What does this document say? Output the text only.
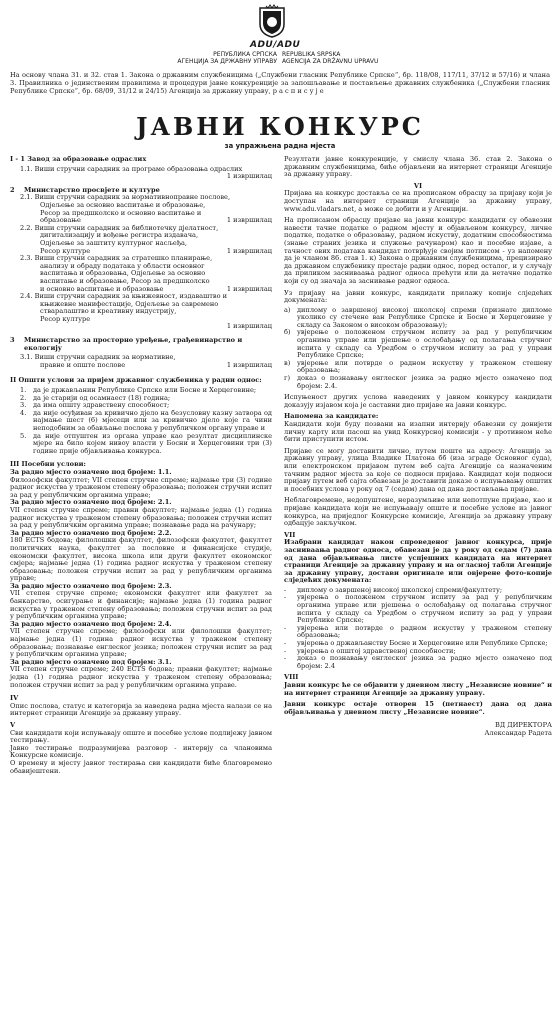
ADU/ADU
РЕПУБЛИКА СРПСКА
АГЕНЦИЈА ЗА ДРЖАВНУ УПРАВУ
REPUBLIKA SRPSKA
AGENCIJA ZA DRŽAVNU UPRAVU

На основу члана 31. и 32. став 1. Закона о државним службеницима („Службени гласник Републике Српске“, бр. 118/08, 117/11, 37/12 и 57/16) и члана 3. Правилника о јединственим правилима и процедури јавне конкуренције за запошљавање и постављење државних службеника („Службени гласник Републике Српске“, бр. 68/09, 31/12 и 24/15) Агенција за државну управу, р а с п и с у ј е

ЈАВНИ КОНКУРС
за упражњена радна мјеста

I - 1 Завод за образовање одраслих

1.1. Виши стручни сарадник за програме образовања одраслих

1 извршилац

2	Министарство просвјете и културе

2.1. Виши стручни сарадник за нормативноправне послове,

Одјељење за основно васпитање и образовање,

Ресор за предшколско и основно васпитање и

образовање	1 извршилац

2.2. Виши стручни сарадник за библиотечку дјелатност,

дигитализацију и вођење регистра издавача,

Одјељење за заштиту културног насљеђа,

Ресор културе	1 извршилац

2.3. Виши стручни сарадник за стратешко планирање,

анализу и обраду података у области основног

васпитања и образовања, Одјељење за основно

васпитање и образовање, Ресор за предшколско

и основно васпитање и образовање	1 извршилац

2.4. Виши стручни сарадник за књижевност, издаваштво и

књижевне манифестације, Одјељење за савремено

стваралаштво и креативну индустрију,

Ресор културе

1 извршилац

3	Министарство за просторно уређење, грађевинарство и екологију

3.1. Виши стручни сарадник за нормативне,

правне и опште послове	1 извршилац

II Општи услови за пријем државног службеника у радни однос:

1.	да је држављанин Републике Српске или Босне и Херцеговине;
2.	да је старији од осамнаест (18) година;
3.	да има општу здравствену способност;
4.	да није осуђиван за кривично дјело на безусловну казну затвора од најмање шест (6) мјесеци или за кривично дјело које га чини неподобним за обављање послова у републичком органу управе и
5.	да није отпуштен из органа управе као резултат дисциплинске мјере на било којем нивоу власти у Босни и Херцеговини три (3) године прије објављивања конкурса.

III Посебни услови:

За радно мјесто означено под бројем: 1.1.

Филозофски факултет; VII степен стручне спреме; најмање три (3) године радног искуства у траженом степену образовања; положен стручни испит за рад у републичким органима управе;

За радно мјесто означено под бројем: 2.1.

VII степен стручне спреме; правни факултет; најмање једна (1) година радног искуства у траженом степену образовања; положен стручни испит за рад у републичким органима управе; познавање рада на рачунару;

За радно мјесто означено под бројем: 2.2.

180 ECTS бодова; филолошки факултет, филозофски факултет, факултет политичких наука, факултет за пословне и финансијске студије, економски факултет, висока школа или други факултет економског смјера; најмање једна (1) година радног искуства у траженом степену образовања; положен стручни испит за рад у републичким органима управе;

За радно мјесто означено под бројем: 2.3.

VII степен стручне спреме; економски факултет или факултет за банкарство, осигурање и финансије; најмање једна (1) година радног искуства у траженом степену образовања; положен стручни испит за рад у републичким органима управе;

За радно мјесто означено под бројем: 2.4.

VII степен стручне спреме; филозофски или филолошки факултет; најмање једна (1) година радног искуства у траженом степену образовања; познавање енглеског језика; положен стручни испит за рад у републичким органима управе;

За радно мјесто означено под бројем: 3.1.

VII степен стручне спреме; 240 ECTS бодова; правни факултет; најмање једна (1) година радног искуства у траженом степену образовања; положен стручни испит за рад у републичким органима управе.

IV

Опис послова, статус и категорија за наведена радна мјеста налази се на интернет страници Агенције за државну управу.

V

Сви кандидати који испуњавају опште и посебне услове подлијежу јавном тестирању.

Јавно тестирање подразумијева разговор - интервју са члановима Конкурсне комисије.

О времену и мјесту јавног тестирања сви кандидати биће благовремено обавијештени.

Резултати јавне конкуренције, у смислу члана 36. став 2. Закона о државним службеницима, биће објављени на интернет страници Агенције за државну управу.

VI

Пријава на конкурс доставља се на прописаном обрасцу за пријаву који је доступан на интернет страници Агенције за државну управу, www.adu.vladars.net, а може се добити и у Агенцији.

На прописаном обрасцу пријаве на јавни конкурс кандидати су обавезни навести тачне податке о радном мјесту и објављеном конкурсу, личне податке, податке о образовању, радном искуству, додатним способностима (знање страних језика и служење рачунаром) као и посебне изјаве, а тачност ових података кандидат потврђује својим потписом - уз напомену да је чланом 86. став 1. к) Закона о државним службеницима, прецизирано да државном службенику престаје радни однос, поред осталог, и у случају да приликом засниваања радног односа прећути или да нетачне податке који су од значаја за заснивање радног односа.

Уз пријаву на јавни конкурс, кандидати прилажу копије слједећих докумената:

а) диплому о завршеној високој школској спреми (признате дипломе уколико су стечене ван Републике Српске и Босне и Херцеговине у складу са Законом о високом образовању);
б) увјерење о положеном стручном испиту за рад у републичким органима управе или рјешење о ослобађању од полагања стручног испита у складу са Уредбом о стручном испиту за рад у управи Републике Српске;
в)	увјерење или потврде о радном искуству у траженом стешену образовања;
г)	доказ о познавању енглеског језика за радно мјесто означено под бројем: 2.4.

Испуњеност других услова наведених у јавном конкурсу кандидати доказују изјавом која је саставни дио пријаве на јавни конкурс.

Напомена за кандидате:

Кандидати који буду позвани на изапни интервју обавезни су донијети личну карту или пасош на увид Конкурсној комисији - у противном неће бити приступити истом.

Пријаве се могу доставити лично, путем поште на адресу: Агенција за државну управу, улица Владике Платона бб (иза зграде Основног суда), или електронском пријавом путем веб сајта Агенције са назначеним тачним радног мјеста за које се подноси пријава. Кандидат који подноси пријаву путем веб сајта обавезан је доставити доказе о испуњавању општих и посебних услова у року од 7 (седам) дана од дана достављања пријаве.

Неблаговремене, недопуштене, неразумљиве или непотпуне пријаве, као и пријаве кандидата који не испуњавају опште и посебне услове из јавног конкурса, на приједлог Конкурсне комисије, Агенција за државну управу одбацује закључком.

VII

Изабрани кандидат након спроведеног јавног конкурса, прије засниваања радног односа, обавезан је да у року од седам (7) дана од дана објављивања листе успјешних кандидата на интернет страници Агенције за државну управу и на огласној табли Агенције за државну управу, достави оригинале или овјерене фото-копије слједећих докумената:

-	диплому о завршеној високој школској спреми/факултету;
-	увјерења о положеном стручном испиту за рад у републичким органима управе или рјешења о ослобађању од полагања стручног испита у складу са Уредбом о стручном испиту за рад у управи Републике Српске;
-	увјерења или потврде о радном искуству у траженом степену образовања;
-	увјерења о држављанству Босне и Херцеговине или Републике Српске;
-	увјерења о општој здравственој способности;
-	доказ о познавању енглеског језика за радно мјесто означено под бројем: 2.4

VIII

Јавни конкурс ће се објавити у дневном листу „Независне новине“ и на интернет страници Агенције за државну управу.

Јавни конкурс остаје отворен 15 (петнаест) дана од дана објављивања у дневном листу „Независне новине“.

ВД ДИРЕКТОРА

Александар Радета
